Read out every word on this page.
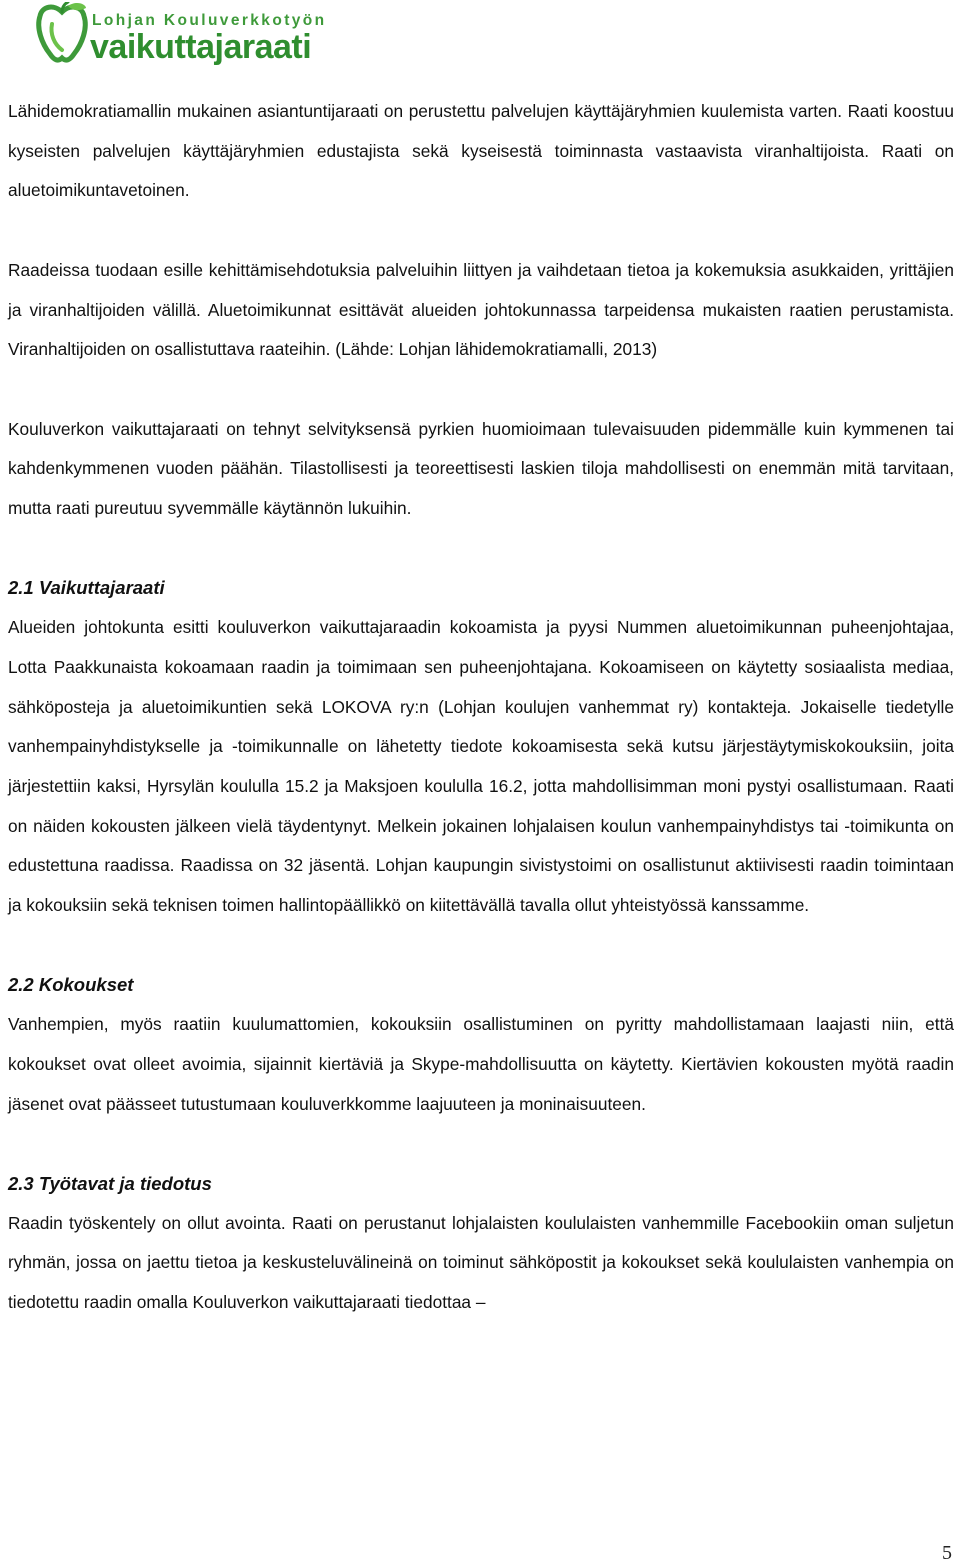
Lohjan Kouluverkkotyön
vaikuttajaraati

Lähidemokratiamallin mukainen asiantuntijaraati on perustettu palvelujen käyttäjäryhmien kuulemista varten. Raati koostuu kyseisten palvelujen käyttäjäryhmien edustajista sekä kyseisestä toiminnasta vastaavista viranhaltijoista. Raati on aluetoimikuntavetoinen.

Raadeissa tuodaan esille kehittämisehdotuksia palveluihin liittyen ja vaihdetaan tietoa ja kokemuksia asukkaiden, yrittäjien ja viranhaltijoiden välillä. Aluetoimikunnat esittävät alueiden johtokunnassa tarpeidensa mukaisten raatien perustamista. Viranhaltijoiden on osallistuttava raateihin. (Lähde: Lohjan lähidemokratiamalli, 2013)

Kouluverkon vaikuttajaraati on tehnyt selvityksensä pyrkien huomioimaan tulevaisuuden pidemmälle kuin kymmenen tai kahdenkymmenen vuoden päähän. Tilastollisesti ja teoreettisesti laskien tiloja mahdollisesti on enemmän mitä tarvitaan, mutta raati pureutuu syvemmälle käytännön lukuihin.

2.1 Vaikuttajaraati

Alueiden johtokunta esitti kouluverkon vaikuttajaraadin kokoamista ja pyysi Nummen aluetoimikunnan puheenjohtajaa, Lotta Paakkunaista kokoamaan raadin ja toimimaan sen puheenjohtajana. Kokoamiseen on käytetty sosiaalista mediaa, sähköposteja ja aluetoimikuntien sekä LOKOVA ry:n (Lohjan koulujen vanhemmat ry) kontakteja. Jokaiselle tiedetylle vanhempainyhdistykselle ja -toimikunnalle on lähetetty tiedote kokoamisesta sekä kutsu järjestäytymiskokouksiin, joita järjestettiin kaksi, Hyrsylän koululla 15.2 ja Maksjoen koululla 16.2, jotta mahdollisimman moni pystyi osallistumaan. Raati on näiden kokousten jälkeen vielä täydentynyt. Melkein jokainen lohjalaisen koulun vanhempainyhdistys tai -toimikunta on edustettuna raadissa. Raadissa on 32 jäsentä. Lohjan kaupungin sivistystoimi on osallistunut aktiivisesti raadin toimintaan ja kokouksiin sekä teknisen toimen hallintopäällikkö on kiitettävällä tavalla ollut yhteistyössä kanssamme.

2.2 Kokoukset

Vanhempien, myös raatiin kuulumattomien, kokouksiin osallistuminen on pyritty mahdollistamaan laajasti niin, että kokoukset ovat olleet avoimia, sijainnit kiertäviä ja Skype-mahdollisuutta on käytetty. Kiertävien kokousten myötä raadin jäsenet ovat päässeet tutustumaan kouluverkkomme laajuuteen ja moninaisuuteen.

2.3 Työtavat ja tiedotus

Raadin työskentely on ollut avointa. Raati on perustanut lohjalaisten koululaisten vanhemmille Facebookiin oman suljetun ryhmän, jossa on jaettu tietoa ja keskusteluvälineinä on toiminut sähköpostit ja kokoukset sekä koululaisten vanhempia on tiedotettu raadin omalla Kouluverkon vaikuttajaraati tiedottaa –

5
